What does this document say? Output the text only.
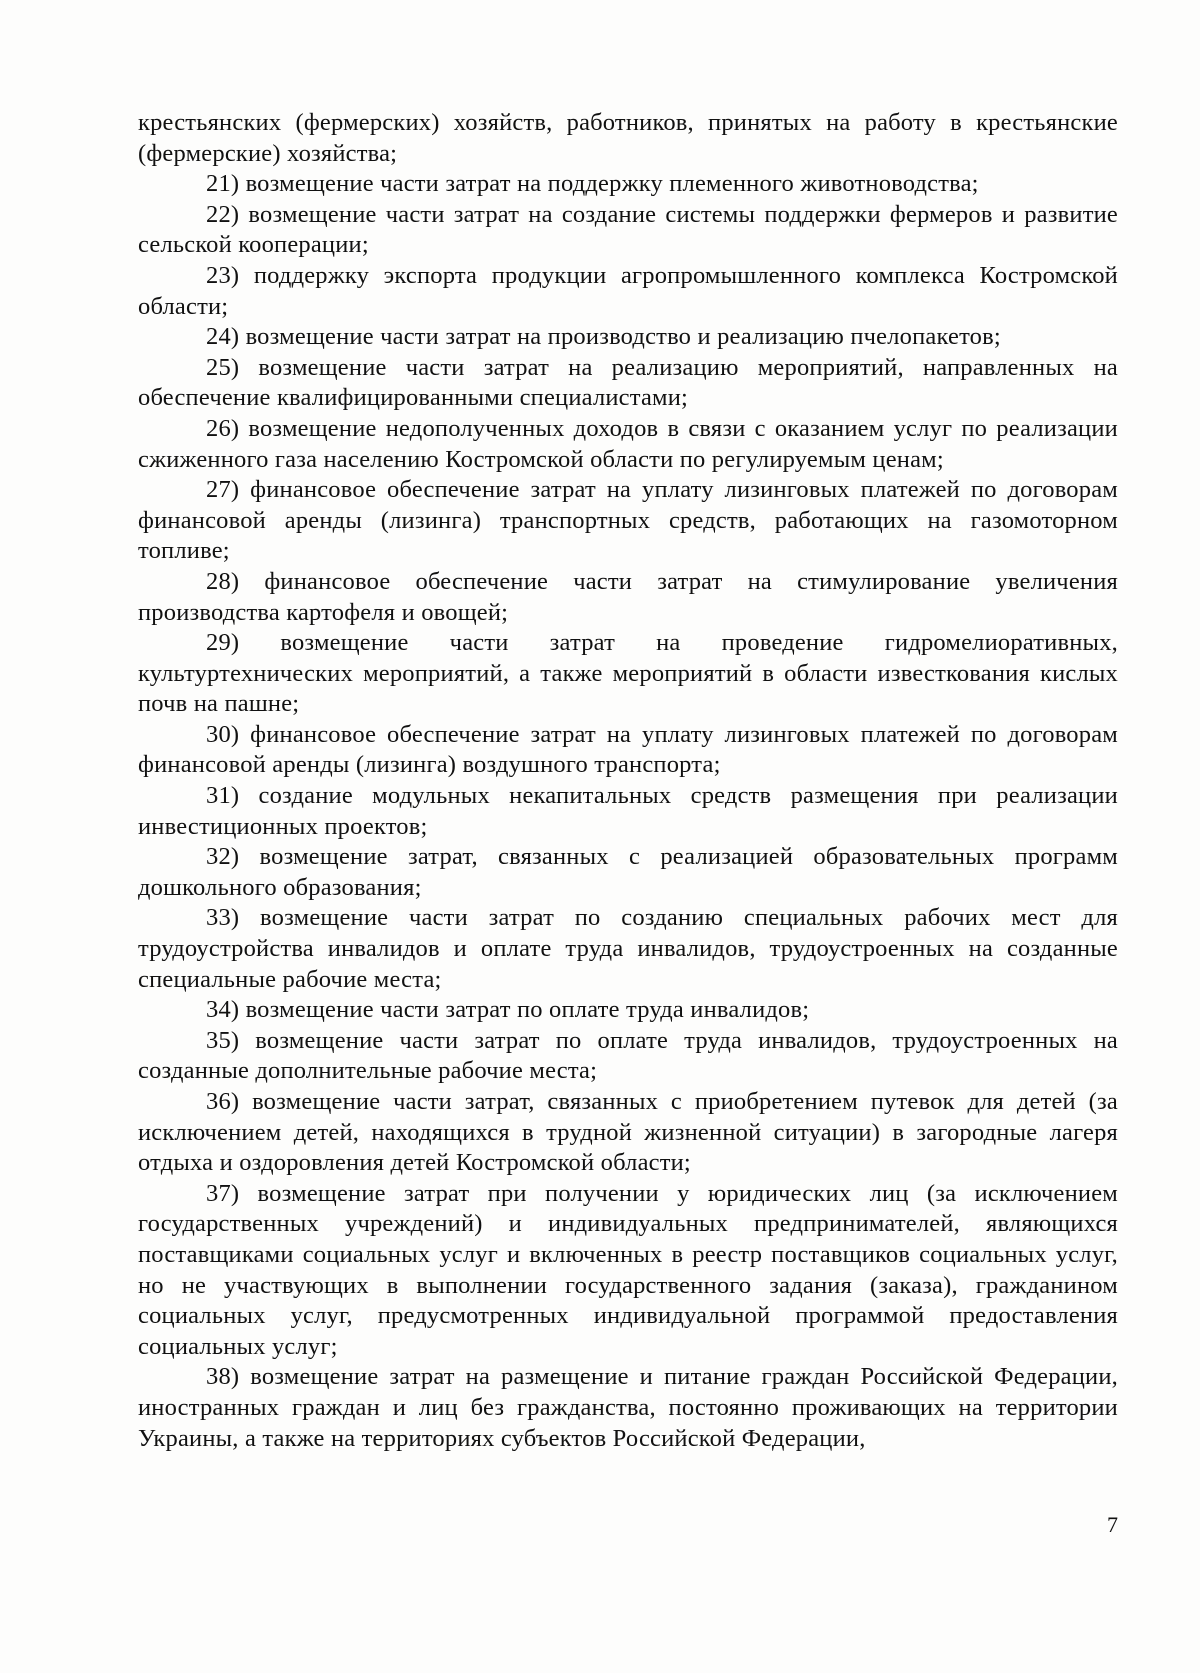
крестьянских (фермерских) хозяйств, работников, принятых на работу в крестьянские (фермерские) хозяйства;

21) возмещение части затрат на поддержку племенного животноводства;

22) возмещение части затрат на создание системы поддержки фермеров и развитие сельской кооперации;

23) поддержку экспорта продукции агропромышленного комплекса Костромской области;

24) возмещение части затрат на производство и реализацию пчелопакетов;

25) возмещение части затрат на реализацию мероприятий, направленных на обеспечение квалифицированными специалистами;

26) возмещение недополученных доходов в связи с оказанием услуг по реализации сжиженного газа населению Костромской области по регулируемым ценам;

27) финансовое обеспечение затрат на уплату лизинговых платежей по договорам финансовой аренды (лизинга) транспортных средств, работающих на газомоторном топливе;

28) финансовое обеспечение части затрат на стимулирование увеличения производства картофеля и овощей;

29) возмещение части затрат на проведение гидромелиоративных, культуртехнических мероприятий, а также мероприятий в области известкования кислых почв на пашне;

30) финансовое обеспечение затрат на уплату лизинговых платежей по договорам финансовой аренды (лизинга) воздушного транспорта;

31) создание модульных некапитальных средств размещения при реализации инвестиционных проектов;

32) возмещение затрат, связанных с реализацией образовательных программ дошкольного образования;

33) возмещение части затрат по созданию специальных рабочих мест для трудоустройства инвалидов и оплате труда инвалидов, трудоустроенных на созданные специальные рабочие места;

34) возмещение части затрат по оплате труда инвалидов;

35) возмещение части затрат по оплате труда инвалидов, трудоустроенных на созданные дополнительные рабочие места;

36) возмещение части затрат, связанных с приобретением путевок для детей (за исключением детей, находящихся в трудной жизненной ситуации) в загородные лагеря отдыха и оздоровления детей Костромской области;

37) возмещение затрат при получении у юридических лиц (за исключением государственных учреждений) и индивидуальных предпринимателей, являющихся поставщиками социальных услуг и включенных в реестр поставщиков социальных услуг, но не участвующих в выполнении государственного задания (заказа), гражданином социальных услуг, предусмотренных индивидуальной программой предоставления социальных услуг;

38) возмещение затрат на размещение и питание граждан Российской Федерации, иностранных граждан и лиц без гражданства, постоянно проживающих на территории Украины, а также на территориях субъектов Российской Федерации,

7
